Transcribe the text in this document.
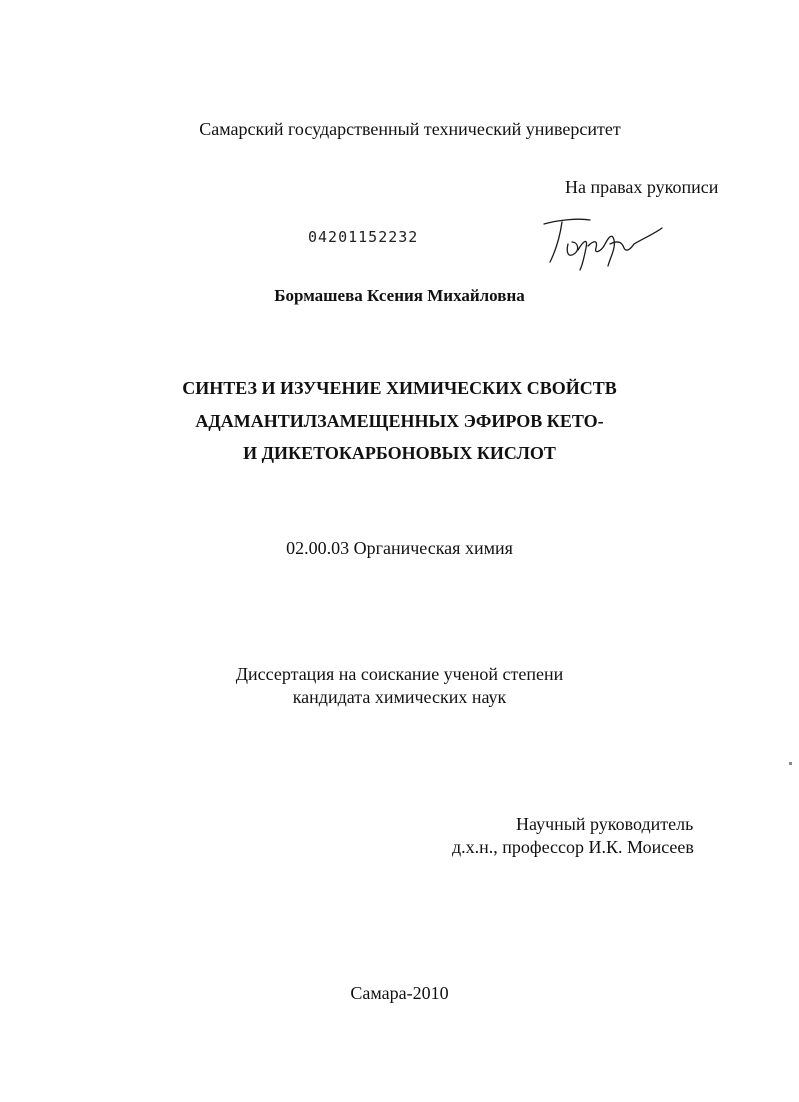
Самарский государственный технический университет
На правах рукописи
04201152232
Бормашева Ксения Михайловна
СИНТЕЗ И ИЗУЧЕНИЕ ХИМИЧЕСКИХ СВОЙСТВ
АДАМАНТИЛЗАМЕЩЕННЫХ ЭФИРОВ КЕТО-
И ДИКЕТОКАРБОНОВЫХ КИСЛОТ
02.00.03 Органическая химия
Диссертация на соискание ученой степени
кандидата химических наук
Научный руководитель
д.х.н., профессор И.К. Моисеев
Самара-2010
